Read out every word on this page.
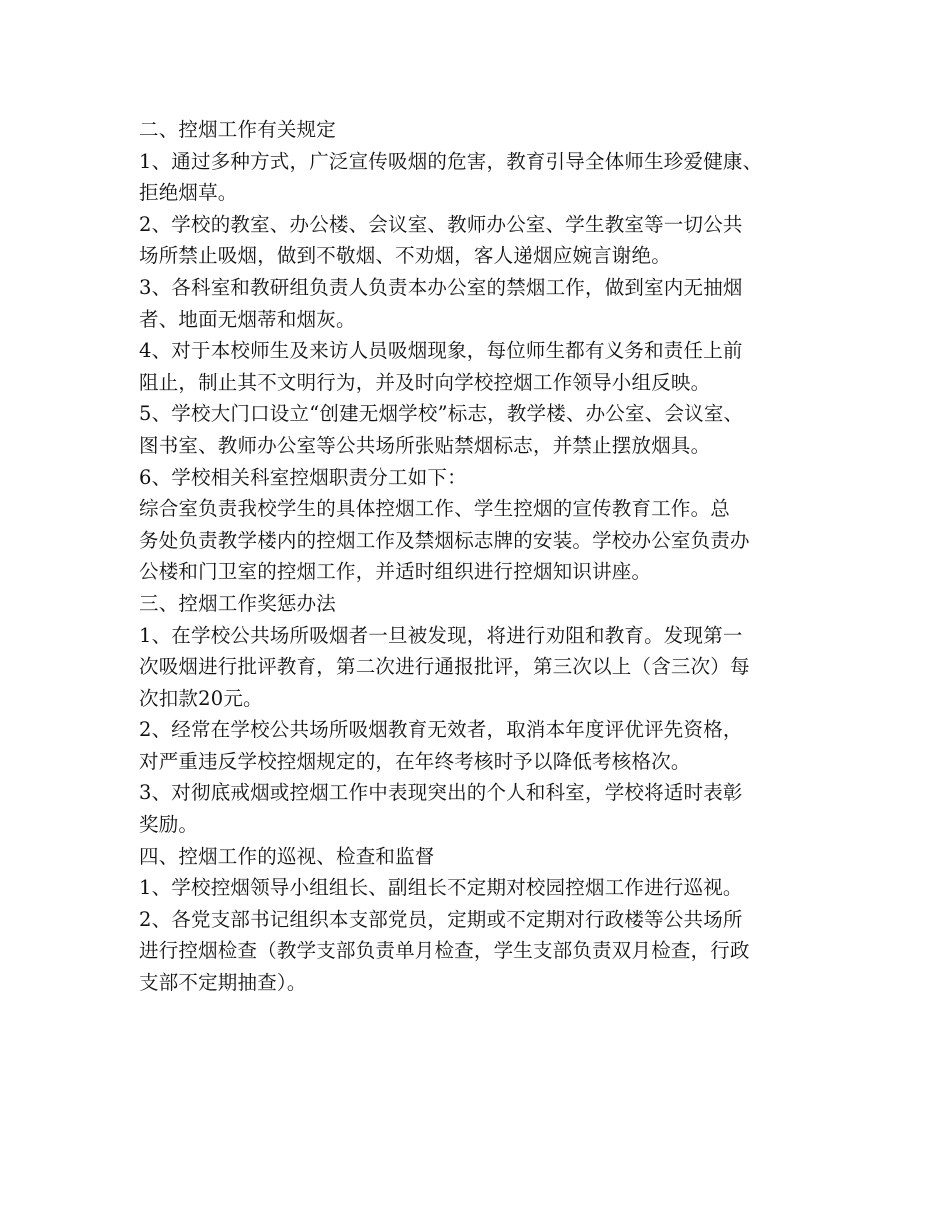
二、控烟工作有关规定
1、通过多种方式，广泛宣传吸烟的危害，教育引导全体师生珍爱健康、
拒绝烟草。
2、学校的教室、办公楼、会议室、教师办公室、学生教室等一切公共
场所禁止吸烟，做到不敬烟、不劝烟，客人递烟应婉言谢绝。
3、各科室和教研组负责人负责本办公室的禁烟工作，做到室内无抽烟
者、地面无烟蒂和烟灰。
4、对于本校师生及来访人员吸烟现象，每位师生都有义务和责任上前
阻止，制止其不文明行为，并及时向学校控烟工作领导小组反映。
5、学校大门口设立“创建无烟学校”标志，教学楼、办公室、会议室、
图书室、教师办公室等公共场所张贴禁烟标志，并禁止摆放烟具。
6、学校相关科室控烟职责分工如下：
综合室负责我校学生的具体控烟工作、学生控烟的宣传教育工作。总
务处负责教学楼内的控烟工作及禁烟标志牌的安装。学校办公室负责办
公楼和门卫室的控烟工作，并适时组织进行控烟知识讲座。
三、控烟工作奖惩办法
1、在学校公共场所吸烟者一旦被发现，将进行劝阻和教育。发现第一
次吸烟进行批评教育，第二次进行通报批评，第三次以上（含三次）每
次扣款20元。
2、经常在学校公共场所吸烟教育无效者，取消本年度评优评先资格，
对严重违反学校控烟规定的，在年终考核时予以降低考核格次。
3、对彻底戒烟或控烟工作中表现突出的个人和科室，学校将适时表彰
奖励。
四、控烟工作的巡视、检查和监督
1、学校控烟领导小组组长、副组长不定期对校园控烟工作进行巡视。
2、各党支部书记组织本支部党员，定期或不定期对行政楼等公共场所
进行控烟检查（教学支部负责单月检查，学生支部负责双月检查，行政
支部不定期抽查）。
